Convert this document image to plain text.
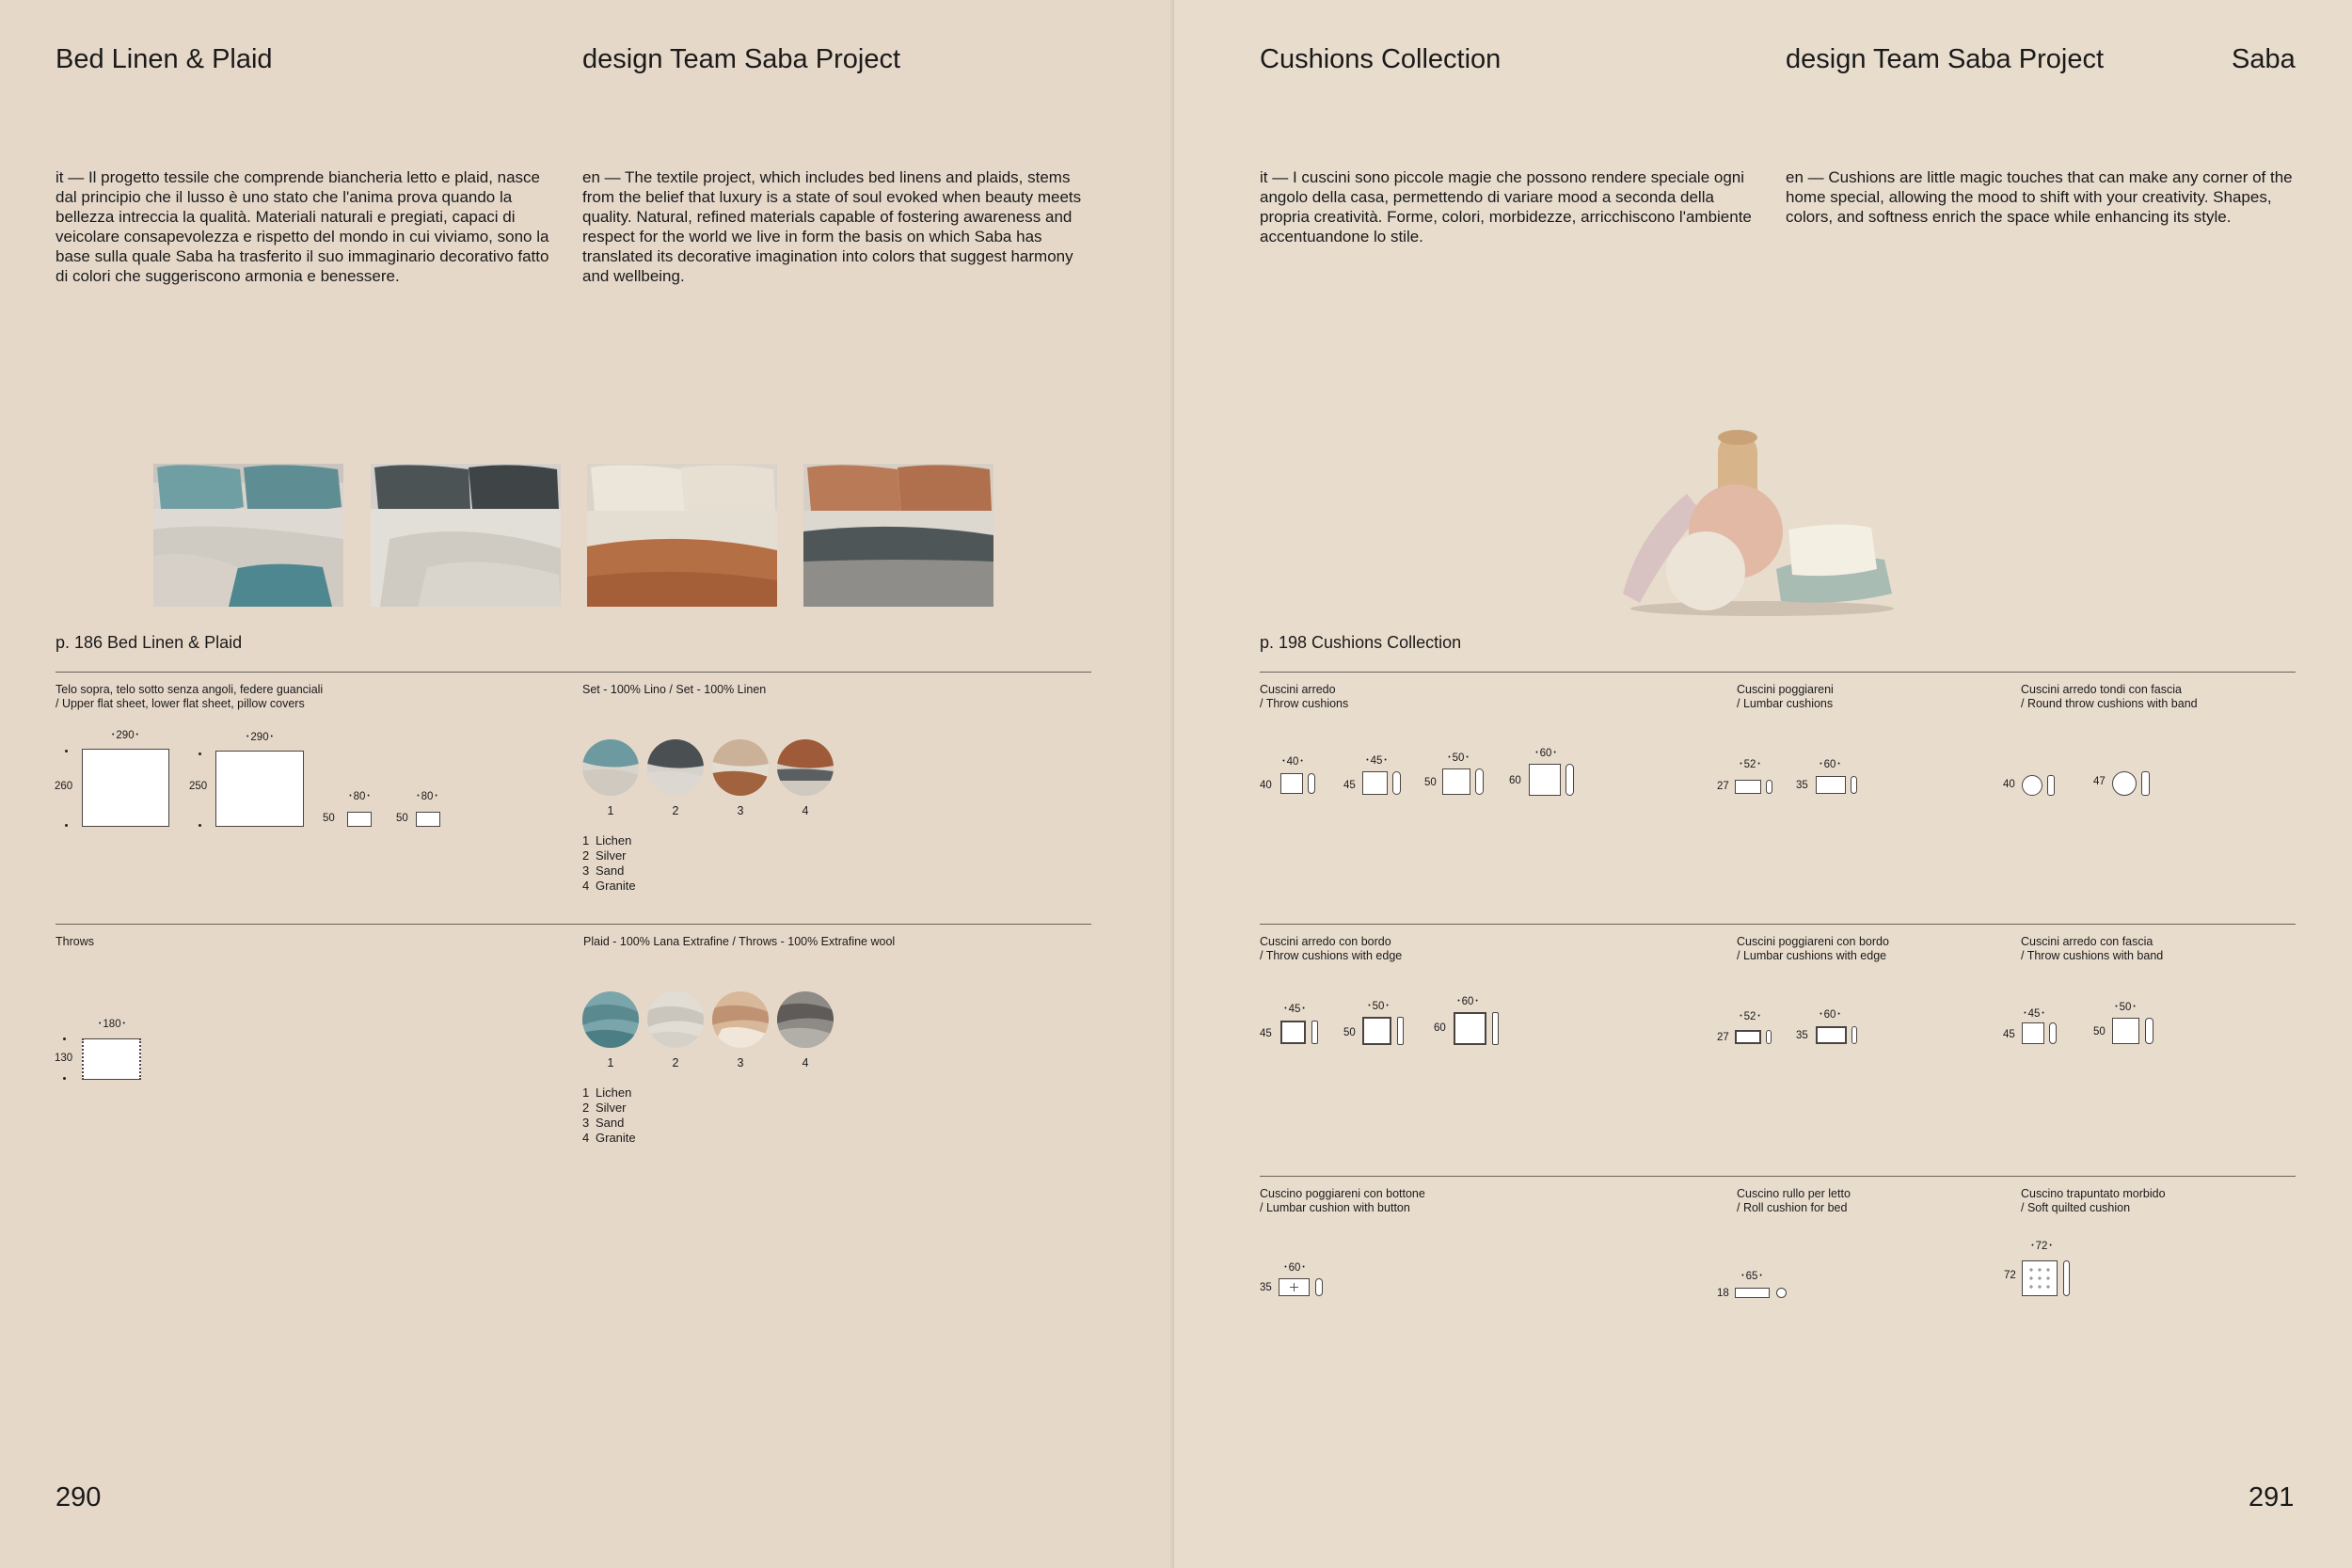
Bed Linen & Plaid	design Team Saba Project
it — Il progetto tessile che comprende biancheria letto e plaid, nasce dal principio che il lusso è uno stato che l'anima prova quando la bellezza intreccia la qualità. Materiali naturali e pregiati, capaci di veicolare consapevolezza e rispetto del mondo in cui viviamo, sono la base sulla quale Saba ha trasferito il suo immaginario decorativo fatto di colori che suggeriscono armonia e benessere.
en — The textile project, which includes bed linens and plaids, stems from the belief that luxury is a state of soul evoked when beauty meets quality. Natural, refined materials capable of fostering awareness and respect for the world we live in form the basis on which Saba has translated its decorative imagination into colors that suggest harmony and wellbeing.
p. 186 Bed Linen & Plaid
Telo sopra, telo sotto senza angoli, federe guanciali
/ Upper flat sheet, lower flat sheet, pillow covers
Set - 100% Lino / Set - 100% Linen
• 290 •
260
• 290 •
250
• 80 •
50
• 80 •
50
1	2	3	4
1 Lichen
2 Silver
3 Sand
4 Granite
Throws	Plaid - 100% Lana Extrafine / Throws - 100% Extrafine wool
• 180 •
130	1	2	3	4
1 Lichen
2 Silver
3 Sand
4 Granite
290
Cushions Collection	design Team Saba Project	Saba
it — I cuscini sono piccole magie che possono rendere speciale ogni angolo della casa, permettendo di variare mood a seconda della propria creatività. Forme, colori, morbidezze, arricchiscono l'ambiente accentuandone lo stile.
en — Cushions are little magic touches that can make any corner of the home special, allowing the mood to shift with your creativity. Shapes, colors, and softness enrich the space while enhancing its style.
p. 198 Cushions Collection
Cuscini arredo
/ Throw cushions
Cuscini poggiareni
/ Lumbar cushions
Cuscini arredo tondi con fascia
/ Round throw cushions with band
• 40 •
40
• 45 •
45
• 50 •
50
• 60 •
60
• 52 •
27
• 60 •
35	40	47
Cuscini arredo con bordo
/ Throw cushions with edge
Cuscini poggiareni con bordo
/ Lumbar cushions with edge
Cuscini arredo con fascia
/ Throw cushions with band
• 45 •
45
• 50 •
50
• 60 •
60
• 52 •
27
• 60 •
35
• 45 •
45
• 50 •
50
Cuscino poggiareni con bottone
/ Lumbar cushion with button
Cuscino rullo per letto
/ Roll cushion for bed
Cuscino trapuntato morbido
/ Soft quilted cushion
• 60 •
35
• 65 •
18
• 72 •
72
291
